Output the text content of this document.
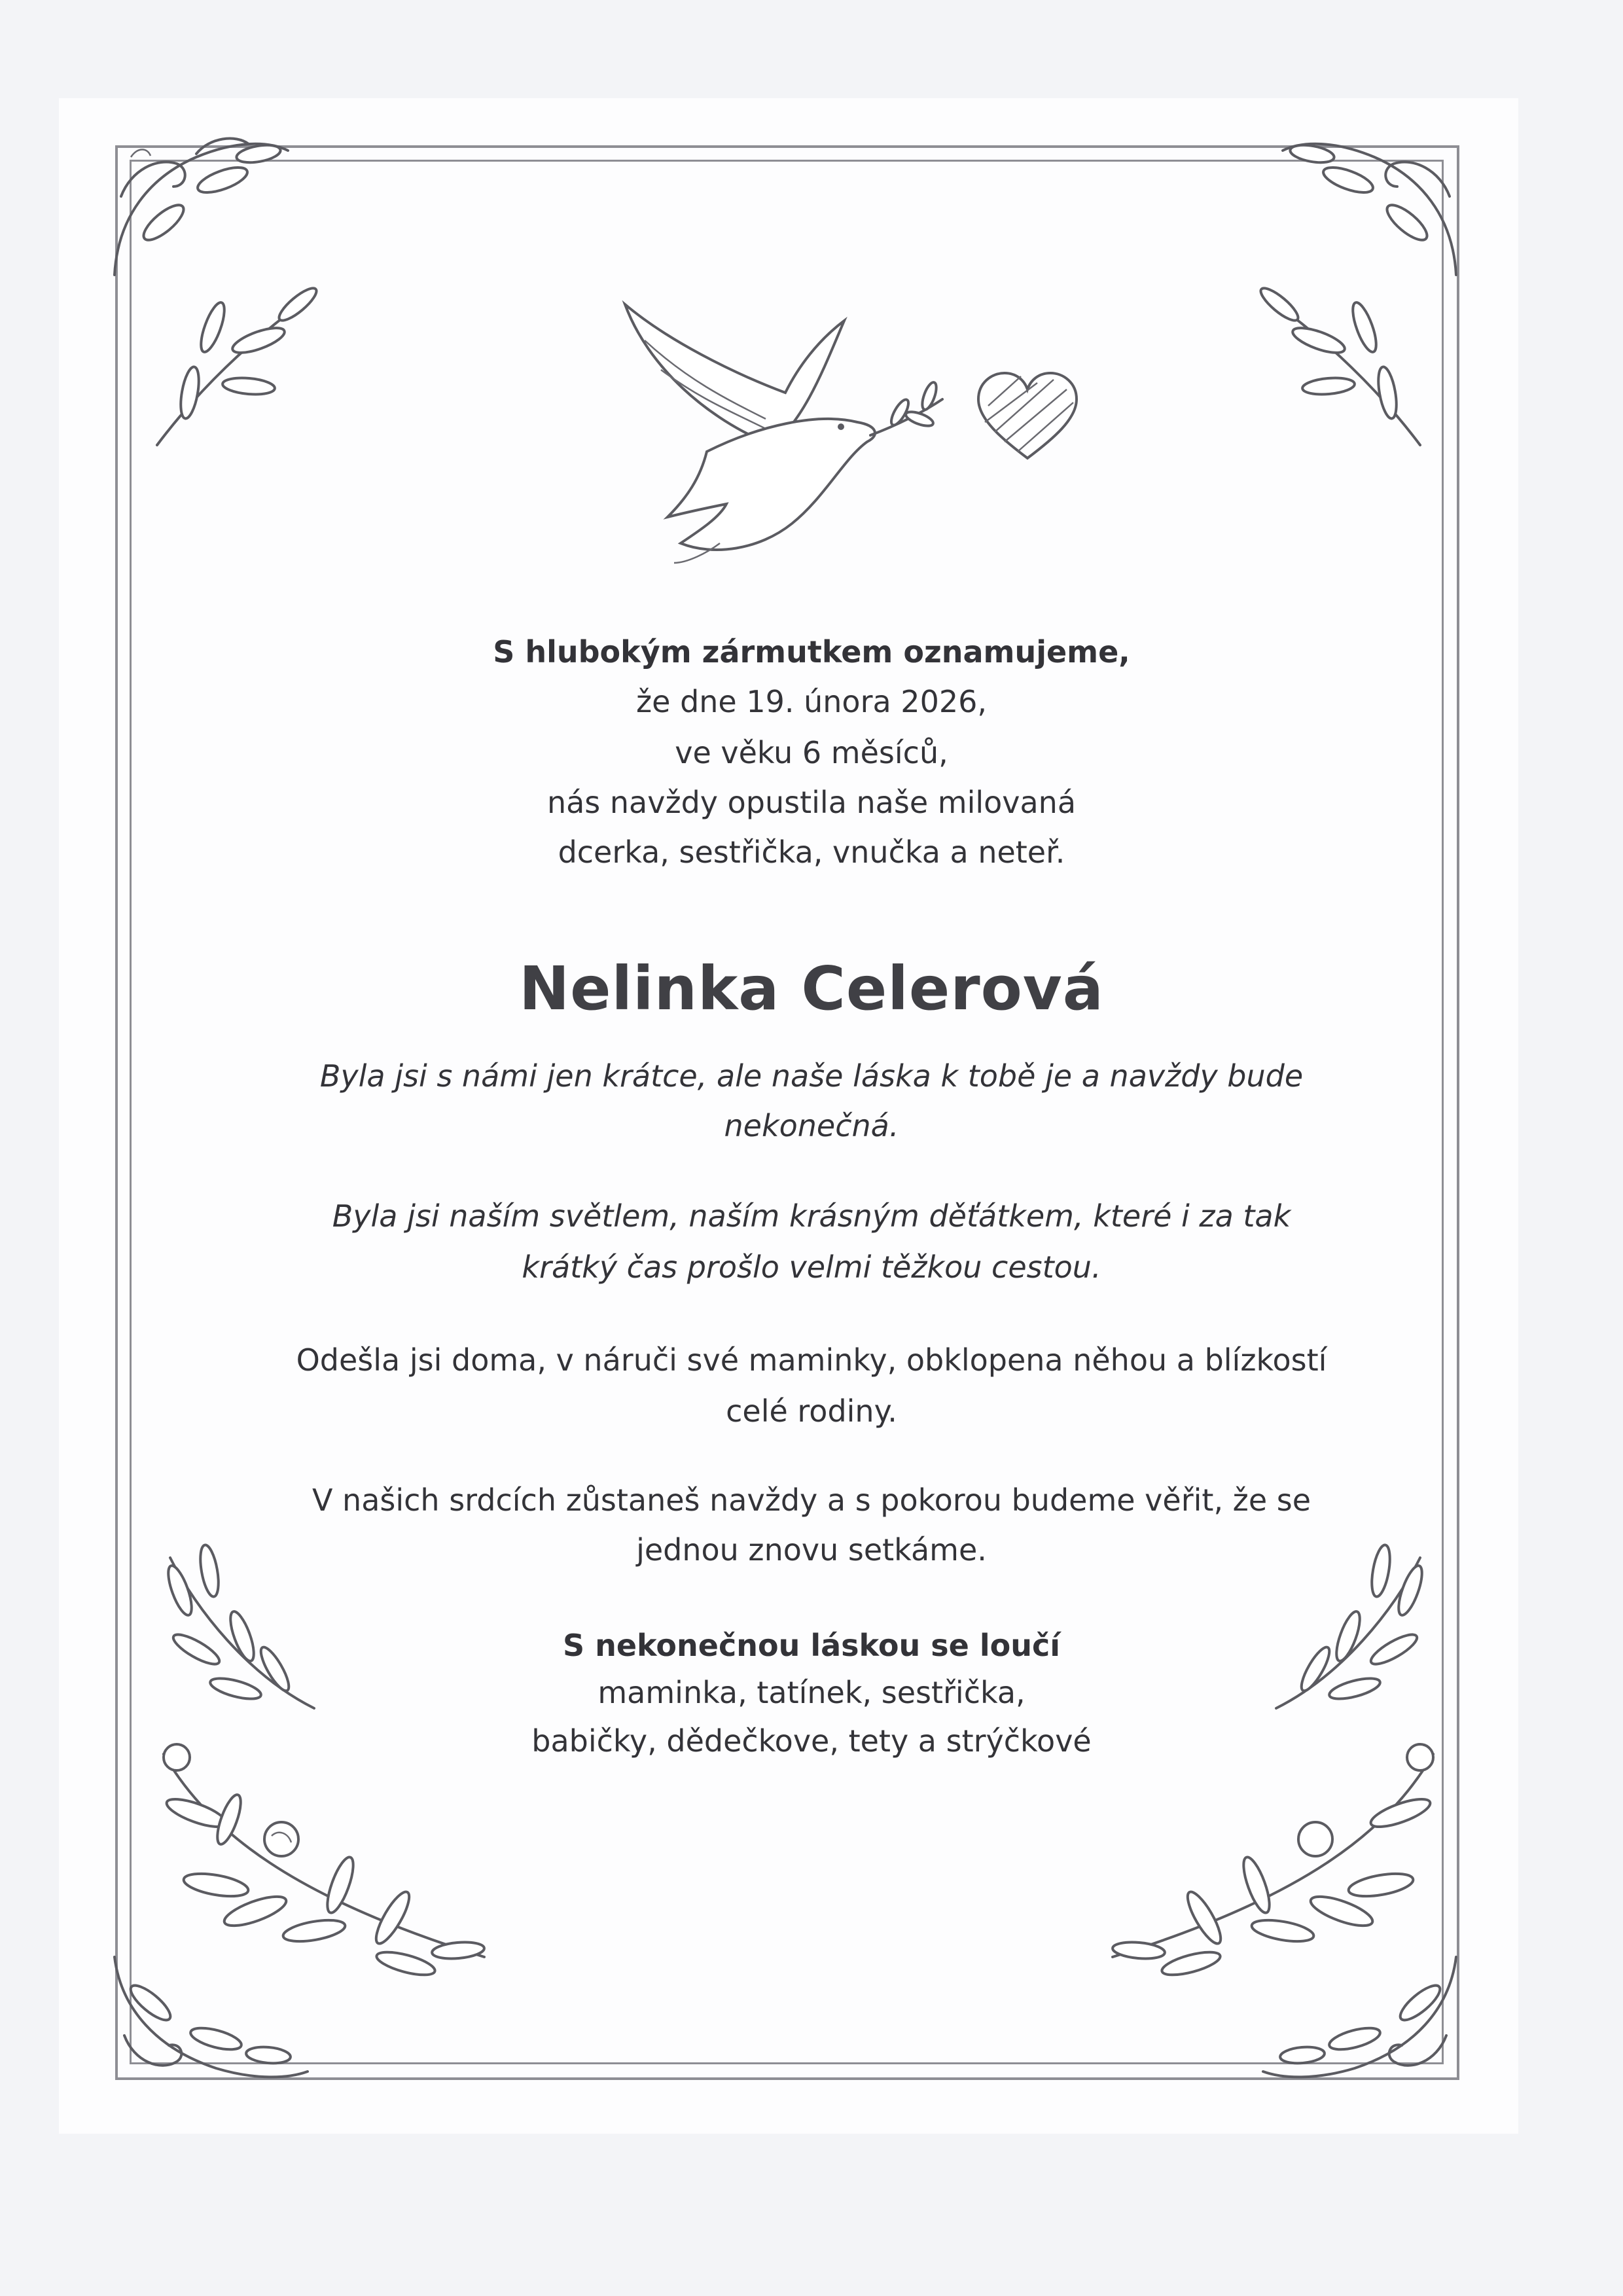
S hlubokým zármutkem oznamujeme,
že dne 19. února 2026,
ve věku 6 měsíců,
nás navždy opustila naše milovaná
dcerka, sestřička, vnučka a neteř.
Nelinka Celerová
Byla jsi s námi jen krátce, ale naše láska k tobě je a navždy bude
nekonečná.
Byla jsi naším světlem, naším krásným děťátkem, které i za tak
krátký čas prošlo velmi těžkou cestou.
Odešla jsi doma, v náruči své maminky, obklopena něhou a blízkostí
celé rodiny.
V našich srdcích zůstaneš navždy a s pokorou budeme věřit, že se
jednou znovu setkáme.
S nekonečnou láskou se loučí
maminka, tatínek, sestřička,
babičky, dědečkove, tety a strýčkové
